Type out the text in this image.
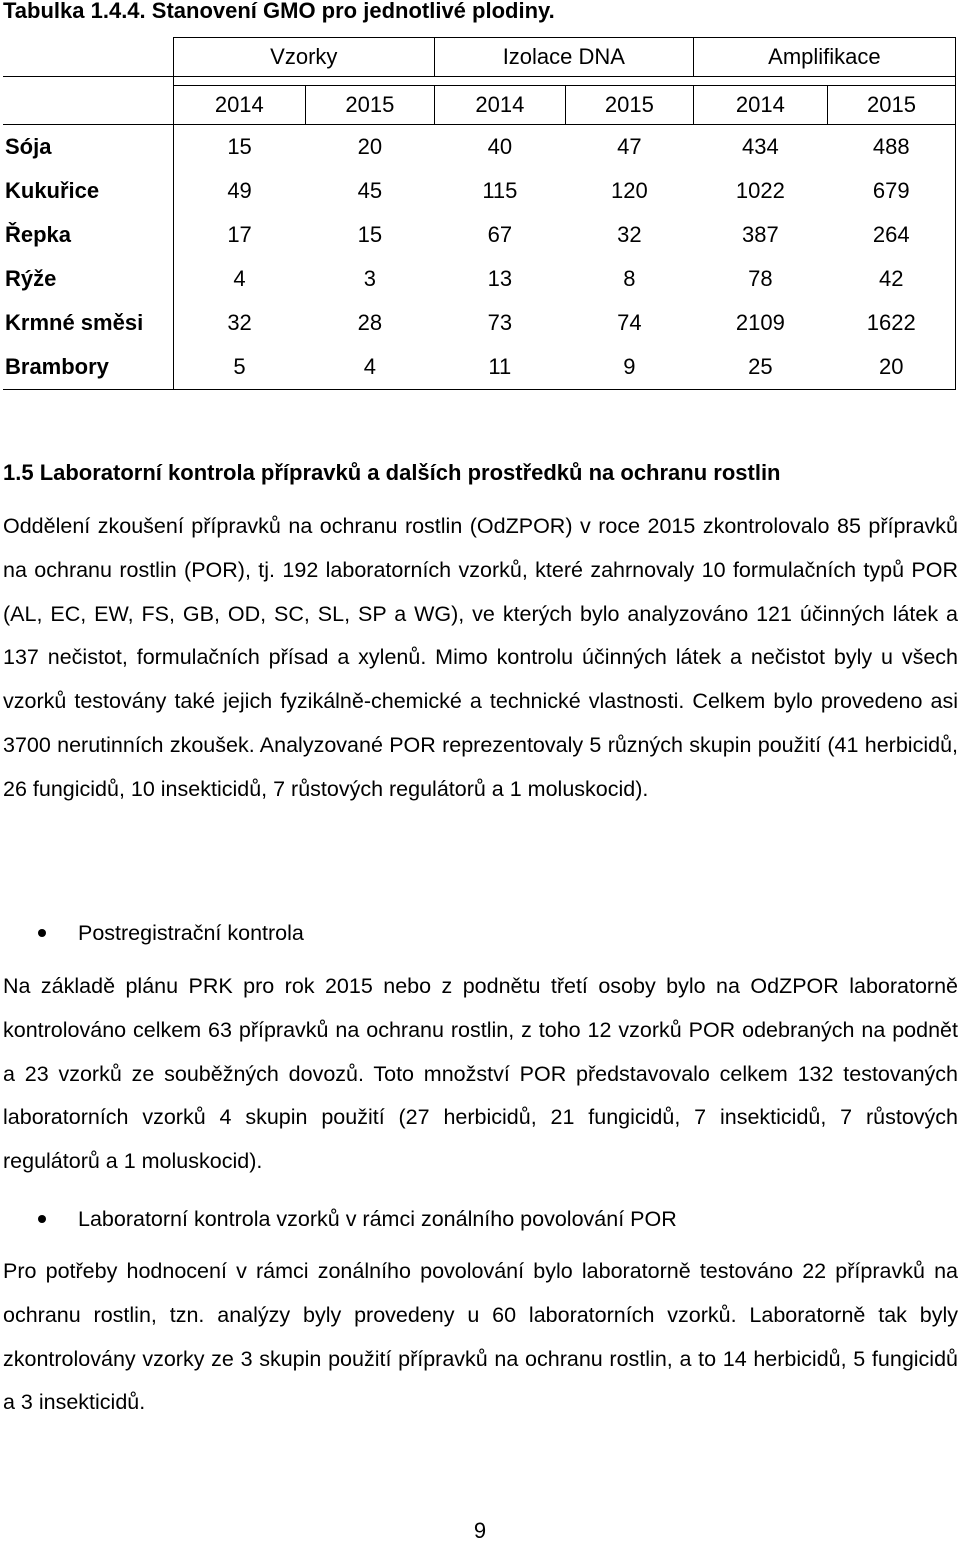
Tabulka 1.4.4. Stanovení GMO pro jednotlivé plodiny.

	Vzorky		Izolace DNA		Amplifikace	

	2014	2015	2014	2015	2014	2015
Sója	15	20	40	47	434	488
Kukuřice	49	45	115	120	1022	679
Řepka	17	15	67	32	387	264
Rýže	4	3	13	8	78	42
Krmné směsi	32	28	73	74	2109	1622
Brambory	5	4	11	9	25	20

1.5 Laboratorní kontrola přípravků a dalších prostředků na ochranu rostlin

Oddělení zkoušení přípravků na ochranu rostlin (OdZPOR) v roce 2015 zkontrolovalo 85 přípravků na ochranu rostlin (POR), tj. 192 laboratorních vzorků, které zahrnovaly 10 formulačních typů POR (AL, EC, EW, FS, GB, OD, SC, SL, SP a WG), ve kterých bylo analyzováno 121 účinných látek a 137 nečistot, formulačních přísad a xylenů. Mimo kontrolu účinných látek a nečistot byly u všech vzorků testovány také jejich fyzikálně-chemické a technické vlastnosti. Celkem bylo provedeno asi 3700 nerutinních zkoušek. Analyzované POR reprezentovaly 5 různých skupin použití (41 herbicidů, 26 fungicidů, 10 insekticidů, 7 růstových regulátorů a 1 moluskocid).

Postregistrační kontrola

Na základě plánu PRK pro rok 2015 nebo z podnětu třetí osoby bylo na OdZPOR laboratorně kontrolováno celkem 63 přípravků na ochranu rostlin, z toho 12 vzorků POR odebraných na podnět a 23 vzorků ze souběžných dovozů. Toto množství POR představovalo celkem 132 testovaných laboratorních vzorků 4 skupin použití (27 herbicidů, 21 fungicidů, 7 insekticidů, 7 růstových regulátorů a 1 moluskocid).

Laboratorní kontrola vzorků v rámci zonálního povolování POR

Pro potřeby hodnocení v rámci zonálního povolování bylo laboratorně testováno 22 přípravků na ochranu rostlin, tzn. analýzy byly provedeny u 60 laboratorních vzorků. Laboratorně tak byly zkontrolovány vzorky ze 3 skupin použití přípravků na ochranu rostlin, a to 14 herbicidů, 5 fungicidů a 3 insekticidů.

9
